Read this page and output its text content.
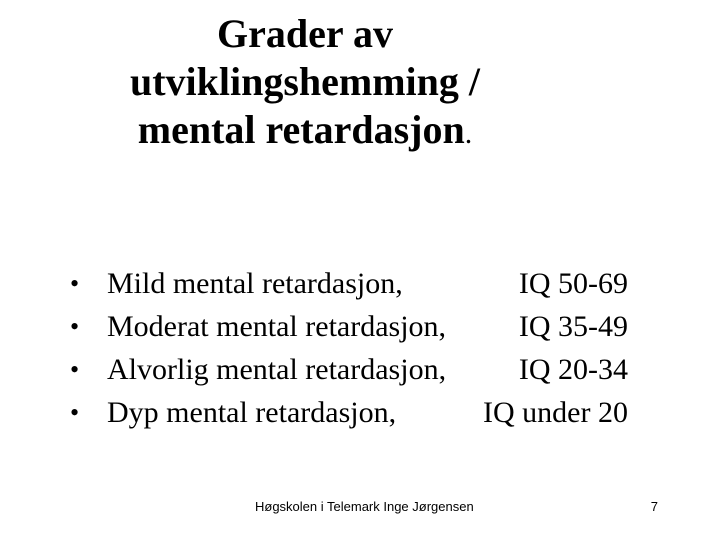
Grader av
utviklingshemming /
mental retardasjon.
• Mild mental retardasjon,	IQ 50-69
• Moderat mental retardasjon, IQ 35-49
• Alvorlig mental retardasjon, IQ 20-34
• Dyp mental retardasjon,	IQ under 20
Høgskolen i Telemark Inge Jørgensen	7
